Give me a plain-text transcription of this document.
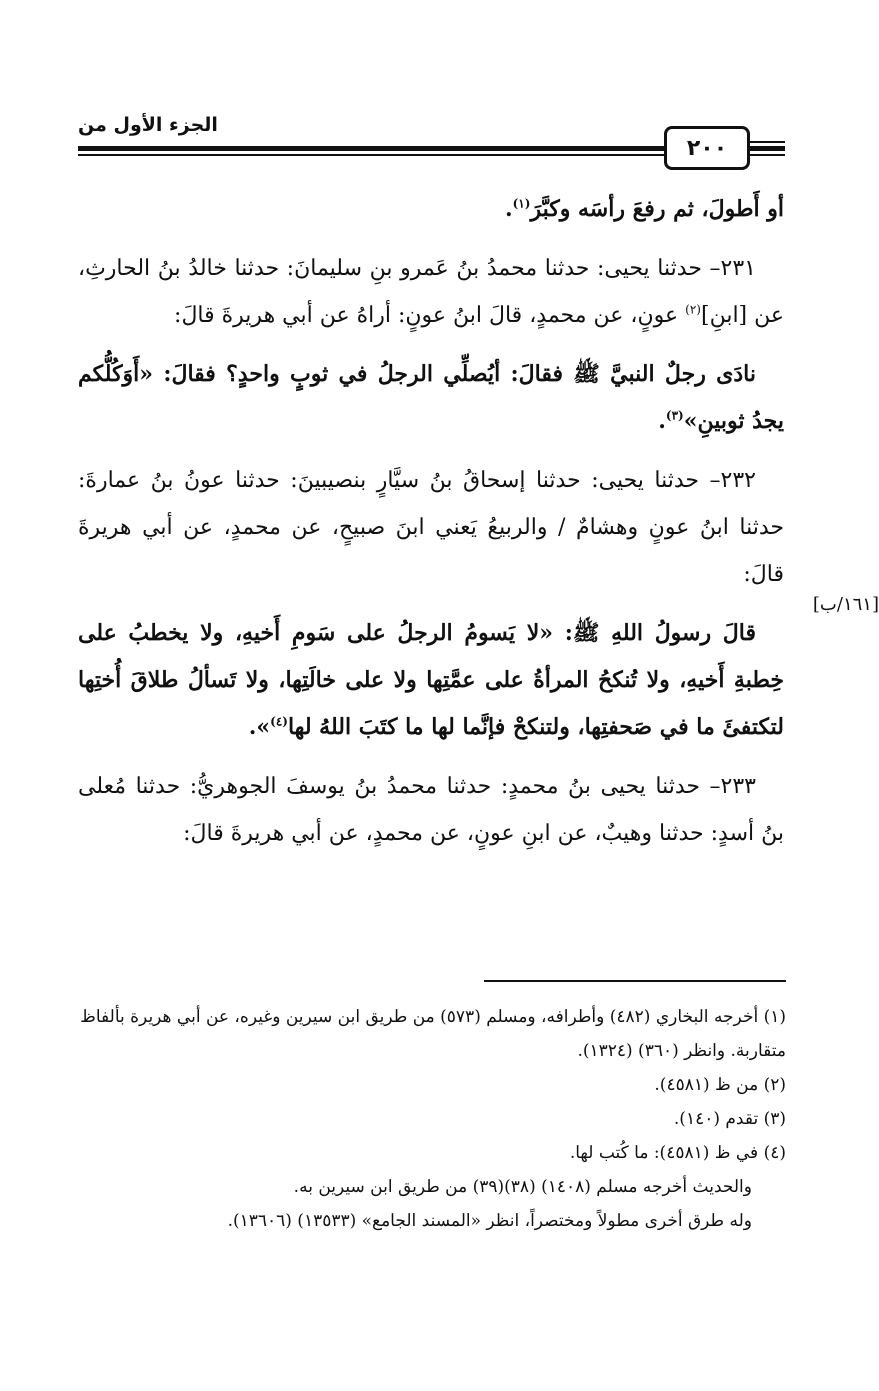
الجزء الأول من
٢٠٠
[١٦١/ب]

أو أَطولَ، ثم رفعَ رأسَه وكبَّرَ$^{(١)}$.

٢٣١– حدثنا يحيى: حدثنا محمدُ بنُ عَمرو بنِ سليمانَ: حدثنا خالدُ بنُ الحارثِ، عن [ابنِ]$^{(٢)}$ عونٍ، عن محمدٍ، قالَ ابنُ عونٍ: أراهُ عن أبي هريرةَ قالَ:

نادَى رجلٌ النبيَّ ﷺ فقالَ: أيُصلِّي الرجلُ في ثوبٍ واحدٍ؟ فقالَ: «أَوَكُلُّكم يجدُ ثوبينِ»$^{(٣)}$.

٢٣٢– حدثنا يحيى: حدثنا إسحاقُ بنُ سيَّارٍ بنصيبينَ: حدثنا عونُ بنُ عمارةَ: حدثنا ابنُ عونٍ وهشامٌ / والربيعُ يَعني ابنَ صبيحٍ، عن محمدٍ، عن أبي هريرةَ قالَ:

قالَ رسولُ اللهِ ﷺ: «لا يَسومُ الرجلُ على سَومِ أَخيهِ، ولا يخطبُ على خِطبةِ أَخيهِ، ولا تُنكحُ المرأةُ على عمَّتِها ولا على خالَتِها، ولا تَسألُ طلاقَ أُختِها لتكتفئَ ما في صَحفتِها، ولتنكحْ فإنَّما لها ما كتَبَ اللهُ لها$^{(٤)}$».

٢٣٣– حدثنا يحيى بنُ محمدٍ: حدثنا محمدُ بنُ يوسفَ الجوهريُّ: حدثنا مُعلى بنُ أسدٍ: حدثنا وهيبٌ، عن ابنِ عونٍ، عن محمدٍ، عن أبي هريرةَ قالَ:

(١) أخرجه البخاري (٤٨٢) وأطرافه، ومسلم (٥٧٣) من طريق ابن سيرين وغيره، عن أبي هريرة بألفاظ متقاربة. وانظر (٣٦٠) (١٣٢٤).

(٢) من ظ (٤٥٨١).

(٣) تقدم (١٤٠).

(٤) في ظ (٤٥٨١): ما كُتب لها.

والحديث أخرجه مسلم (١٤٠٨) (٣٨)(٣٩) من طريق ابن سيرين به.

وله طرق أخرى مطولاً ومختصراً، انظر «المسند الجامع» (١٣٥٣٣) (١٣٦٠٦).
